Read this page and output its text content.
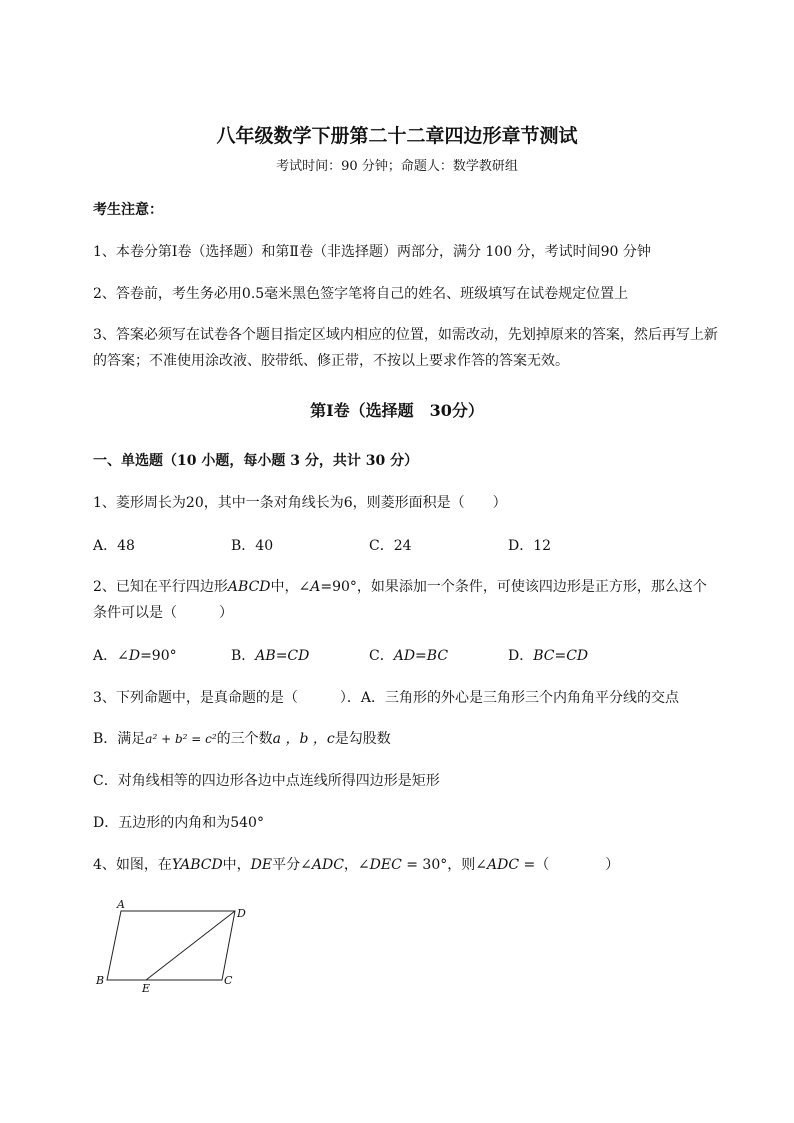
八年级数学下册第二十二章四边形章节测试
考试时间：90 分钟；命题人：数学教研组
考生注意：
1、本卷分第Ⅰ卷（选择题）和第Ⅱ卷（非选择题）两部分，满分 100 分，考试时间90 分钟
2、答卷前，考生务必用0.5毫米黑色签字笔将自己的姓名、班级填写在试卷规定位置上
3、答案必须写在试卷各个题目指定区域内相应的位置，如需改动，先划掉原来的答案，然后再写上新
的答案；不准使用涂改液、胶带纸、修正带，不按以上要求作答的答案无效。
第Ⅰ卷（选择题　30分）
一、单选题（10 小题，每小题 3 分，共计 30 分）
1、菱形周长为20，其中一条对角线长为6，则菱形面积是（　　）
A．48	B．40	C．24	D．12
2、已知在平行四边形ABCD中，∠A=90°，如果添加一个条件，可使该四边形是正方形，那么这个
条件可以是（　　　）
A．∠D=90°	B．AB=CD	C．AD=BC	D．BC=CD
3、下列命题中，是真命题的是（　　　）．A．三角形的外心是三角形三个内角角平分线的交点
B．满足a² + b² = c²的三个数a ，b ，c是勾股数
C．对角线相等的四边形各边中点连线所得四边形是矩形
D．五边形的内角和为540°
4、如图，在YABCD中，DE平分∠ADC，∠DEC = 30°，则∠ADC =（　　　　）
A
D
B
E
C
